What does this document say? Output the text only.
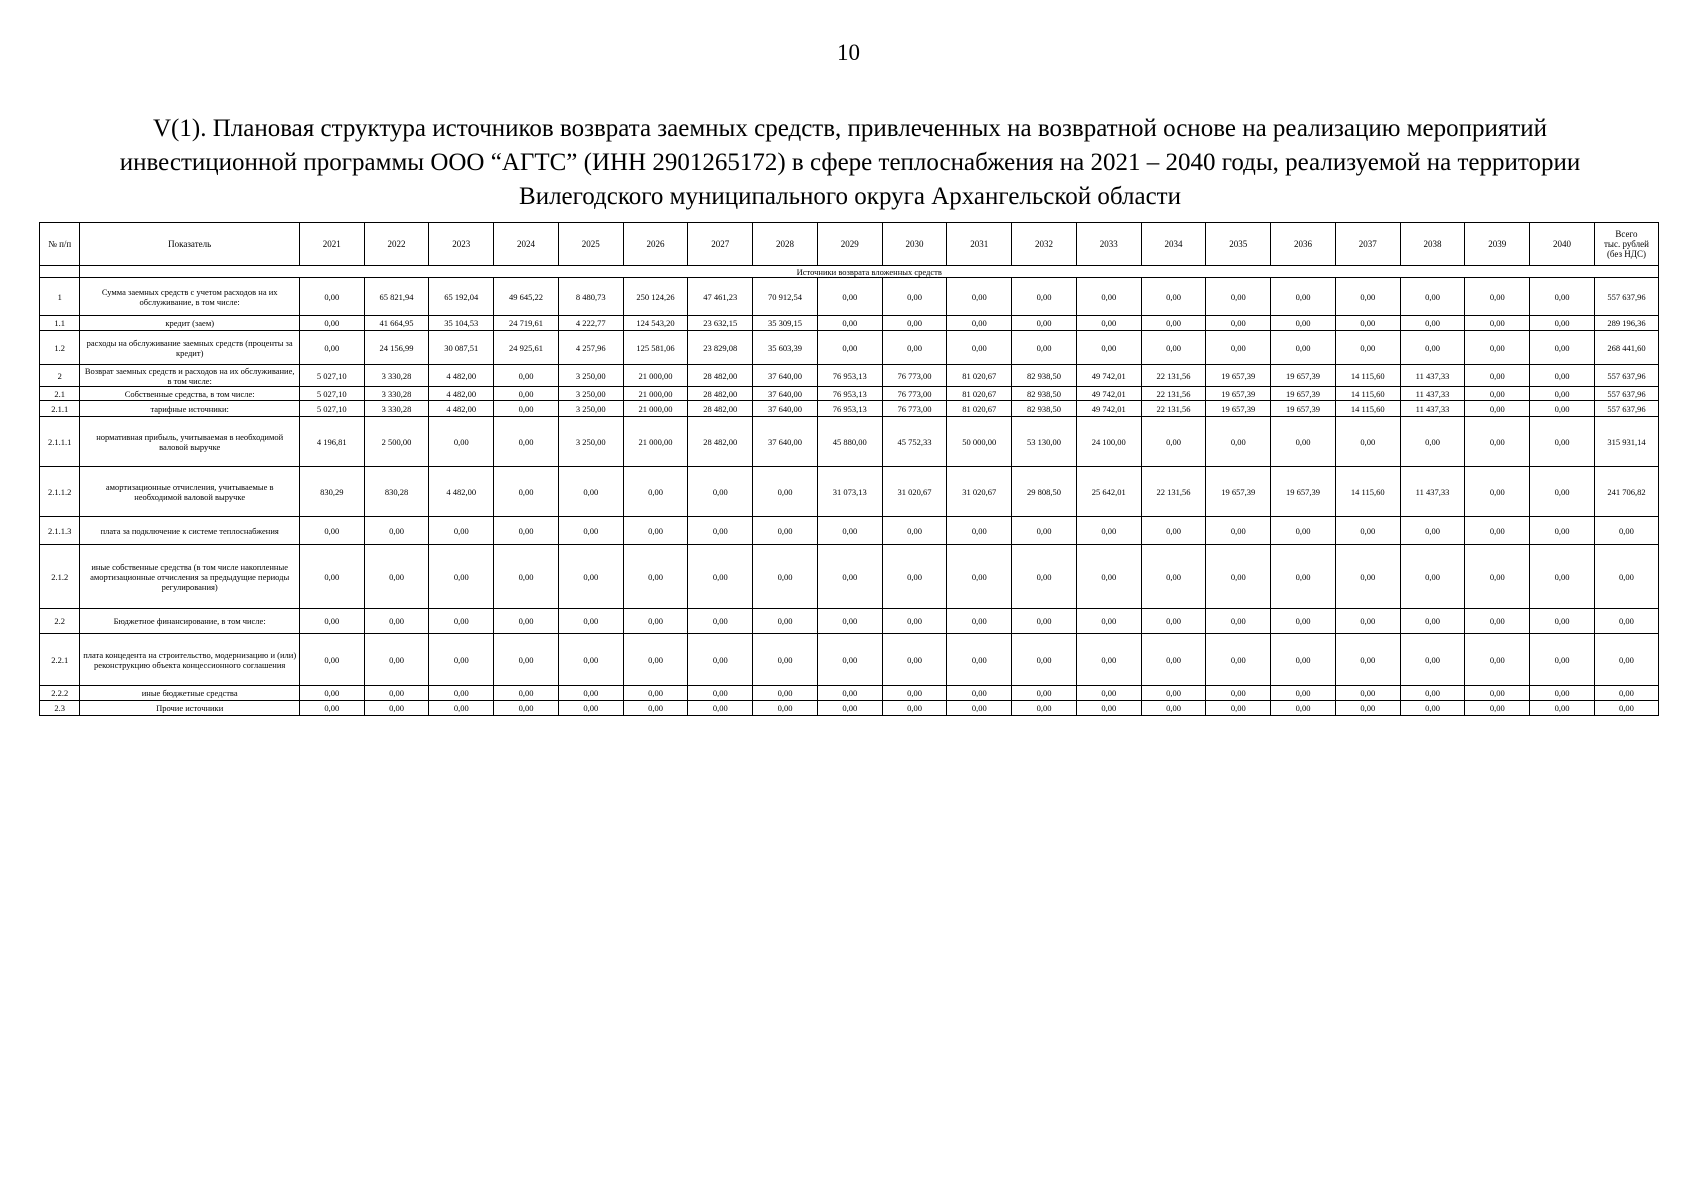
10
V(1). Плановая структура источников возврата заемных средств, привлеченных на возвратной основе на реализацию мероприятий
инвестиционной программы ООО “АГТС” (ИНН 2901265172) в сфере теплоснабжения на 2021 – 2040 годы, реализуемой на территории
Вилегодского муниципального округа Архангельской области
№ п/п	Показатель	2021	2022	2023	2024	2025	2026	2027	2028	2029	2030	2031	2032	2033	2034	2035	2036	2037	2038	2039	2040	Всего
тыс. рублей
(без НДС)

	Источники возврата вложенных средств																					
1	Сумма заемных средств с учетом расходов на их обслуживание, в том числе:	0,00	65 821,94	65 192,04	49 645,22	8 480,73	250 124,26	47 461,23	70 912,54	0,00	0,00	0,00	0,00	0,00	0,00	0,00	0,00	0,00	0,00	0,00	0,00	557 637,96
1.1	кредит (заем)	0,00	41 664,95	35 104,53	24 719,61	4 222,77	124 543,20	23 632,15	35 309,15	0,00	0,00	0,00	0,00	0,00	0,00	0,00	0,00	0,00	0,00	0,00	0,00	289 196,36
1.2	расходы на обслуживание заемных средств (проценты за кредит)	0,00	24 156,99	30 087,51	24 925,61	4 257,96	125 581,06	23 829,08	35 603,39	0,00	0,00	0,00	0,00	0,00	0,00	0,00	0,00	0,00	0,00	0,00	0,00	268 441,60
2	Возврат заемных средств и расходов на их обслуживание, в том числе:	5 027,10	3 330,28	4 482,00	0,00	3 250,00	21 000,00	28 482,00	37 640,00	76 953,13	76 773,00	81 020,67	82 938,50	49 742,01	22 131,56	19 657,39	19 657,39	14 115,60	11 437,33	0,00	0,00	557 637,96
2.1	Собственные средства, в том числе:	5 027,10	3 330,28	4 482,00	0,00	3 250,00	21 000,00	28 482,00	37 640,00	76 953,13	76 773,00	81 020,67	82 938,50	49 742,01	22 131,56	19 657,39	19 657,39	14 115,60	11 437,33	0,00	0,00	557 637,96
2.1.1	тарифные источники:	5 027,10	3 330,28	4 482,00	0,00	3 250,00	21 000,00	28 482,00	37 640,00	76 953,13	76 773,00	81 020,67	82 938,50	49 742,01	22 131,56	19 657,39	19 657,39	14 115,60	11 437,33	0,00	0,00	557 637,96
2.1.1.1	нормативная прибыль, учитываемая в необходимой валовой выручке	4 196,81	2 500,00	0,00	0,00	3 250,00	21 000,00	28 482,00	37 640,00	45 880,00	45 752,33	50 000,00	53 130,00	24 100,00	0,00	0,00	0,00	0,00	0,00	0,00	0,00	315 931,14
2.1.1.2	амортизационные отчисления, учитываемые в необходимой валовой выручке	830,29	830,28	4 482,00	0,00	0,00	0,00	0,00	0,00	31 073,13	31 020,67	31 020,67	29 808,50	25 642,01	22 131,56	19 657,39	19 657,39	14 115,60	11 437,33	0,00	0,00	241 706,82
2.1.1.3	плата за подключение к системе теплоснабжения	0,00	0,00	0,00	0,00	0,00	0,00	0,00	0,00	0,00	0,00	0,00	0,00	0,00	0,00	0,00	0,00	0,00	0,00	0,00	0,00	0,00
2.1.2	иные собственные средства (в том числе накопленные амортизационные отчисления за предыдущие периоды регулирования)	0,00	0,00	0,00	0,00	0,00	0,00	0,00	0,00	0,00	0,00	0,00	0,00	0,00	0,00	0,00	0,00	0,00	0,00	0,00	0,00	0,00
2.2	Бюджетное финансирование, в том числе:	0,00	0,00	0,00	0,00	0,00	0,00	0,00	0,00	0,00	0,00	0,00	0,00	0,00	0,00	0,00	0,00	0,00	0,00	0,00	0,00	0,00
2.2.1	плата концедента на строительство, модернизацию и (или) реконструкцию объекта концессионного соглашения	0,00	0,00	0,00	0,00	0,00	0,00	0,00	0,00	0,00	0,00	0,00	0,00	0,00	0,00	0,00	0,00	0,00	0,00	0,00	0,00	0,00
2.2.2	иные бюджетные средства	0,00	0,00	0,00	0,00	0,00	0,00	0,00	0,00	0,00	0,00	0,00	0,00	0,00	0,00	0,00	0,00	0,00	0,00	0,00	0,00	0,00
2.3	Прочие источники	0,00	0,00	0,00	0,00	0,00	0,00	0,00	0,00	0,00	0,00	0,00	0,00	0,00	0,00	0,00	0,00	0,00	0,00	0,00	0,00	0,00
